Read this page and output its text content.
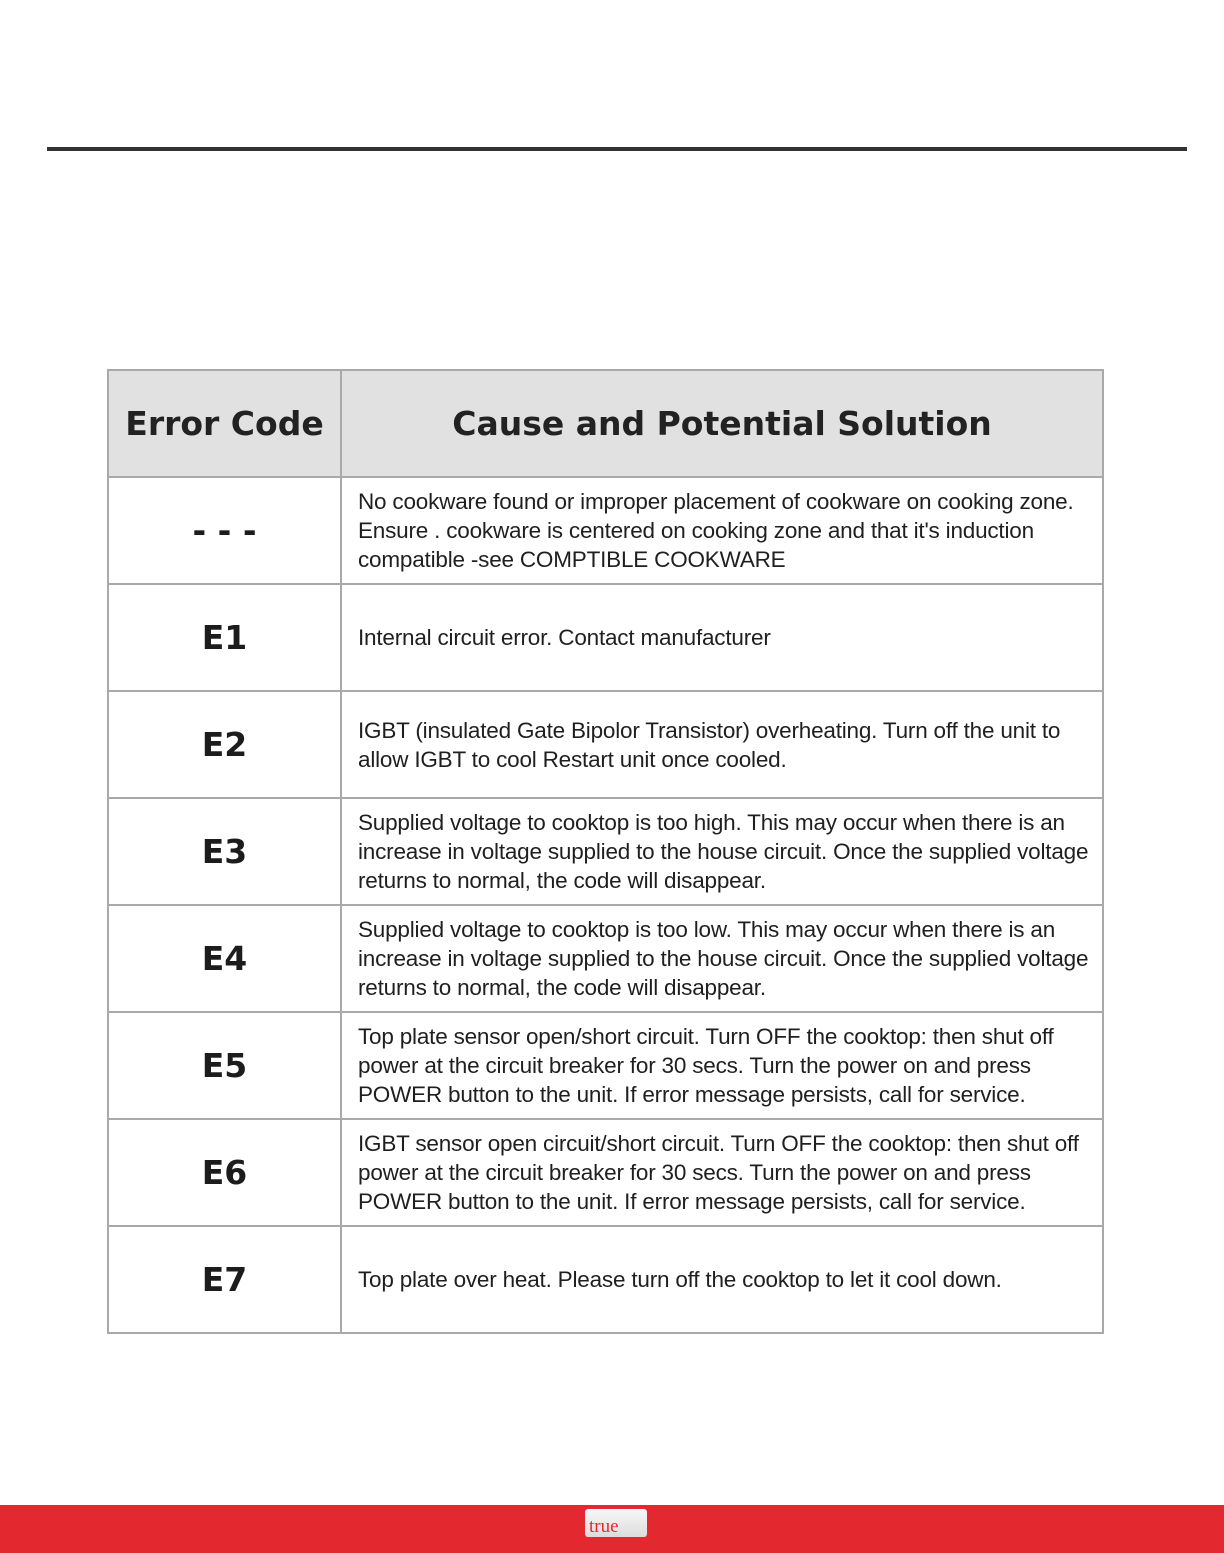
Error Code	Cause and Potential Solution
- - -	No cookware found or improper placement of cookware on cooking zone. Ensure . cookware is centered on cooking zone and that it's induction compatible -see COMPTIBLE COOKWARE
E1	Internal circuit error. Contact manufacturer
E2	IGBT (insulated Gate Bipolor Transistor) overheating. Turn off the unit to allow IGBT to cool Restart unit once cooled.
E3	Supplied voltage to cooktop is too high. This may occur when there is an increase in voltage supplied to the house circuit. Once the supplied voltage returns to normal, the code will disappear.
E4	Supplied voltage to cooktop is too low. This may occur when there is an increase in voltage supplied to the house circuit. Once the supplied voltage returns to normal, the code will disappear.
E5	Top plate sensor open/short circuit. Turn OFF the cooktop: then shut off power at the circuit breaker for 30 secs. Turn the power on and press POWER button to the unit. If error message persists, call for service.
E6	IGBT sensor open circuit/short circuit. Turn OFF the cooktop: then shut off power at the circuit breaker for 30 secs. Turn the power on and press POWER button to the unit. If error message persists, call for service.
E7	Top plate over heat. Please turn off the cooktop to let it cool down.
true
